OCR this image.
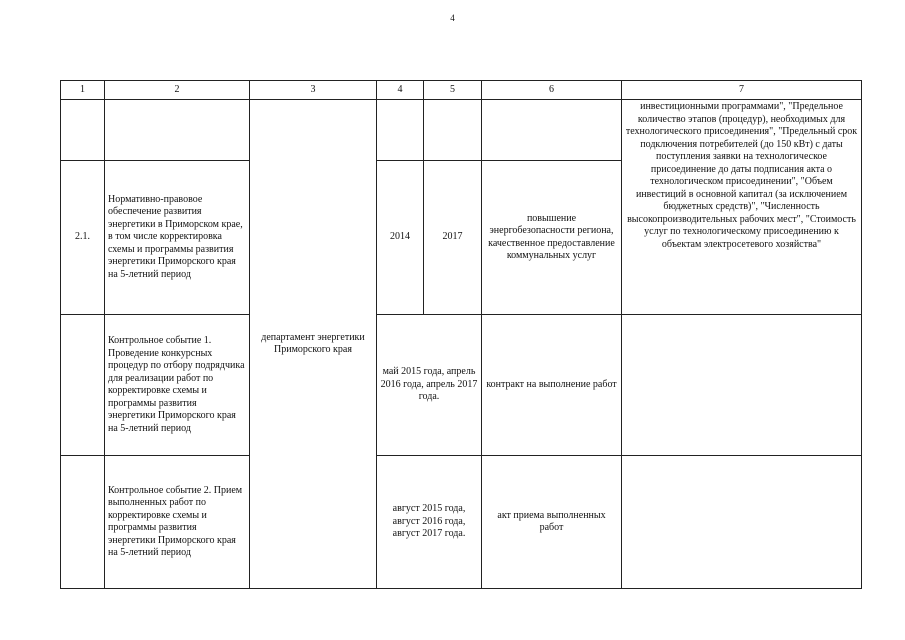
4
1	2	3	4	5	6	7
		департамент энергетики Приморского края				инвестиционными программами", "Предельное количество этапов (процедур), необходимых для технологического присоединения", "Предельный срок подключения потребителей (до 150 кВт) с даты поступления заявки на технологическое присоединение до даты подписания акта о технологическом присоединении", "Объем инвестиций в основной капитал (за исключением бюджетных средств)", "Численность высокопроизводительных рабочих мест", "Стоимость услуг по технологическому присоединению к объектам электросетевого хозяйства"
2.1.	Нормативно-правовое обеспечение развития энергетики в Приморском крае, в том числе корректировка схемы и программы развития энергетики Приморского края на 5-летний период		2014	2017	повышение энергобезопасности региона, качественное предоставление коммунальных услуг	
	Контрольное событие 1. Проведение конкурсных процедур по отбору подрядчика для реализации работ по корректировке схемы и программы развития энергетики Приморского края на 5-летний период		май 2015 года, апрель 2016 года, апрель 2017 года.		контракт на выполнение работ	
	Контрольное событие 2. Прием выполненных работ по корректировке схемы и программы развития энергетики Приморского края на 5-летний период		август 2015 года, август 2016 года, август 2017 года.		акт приема выполненных работ	
